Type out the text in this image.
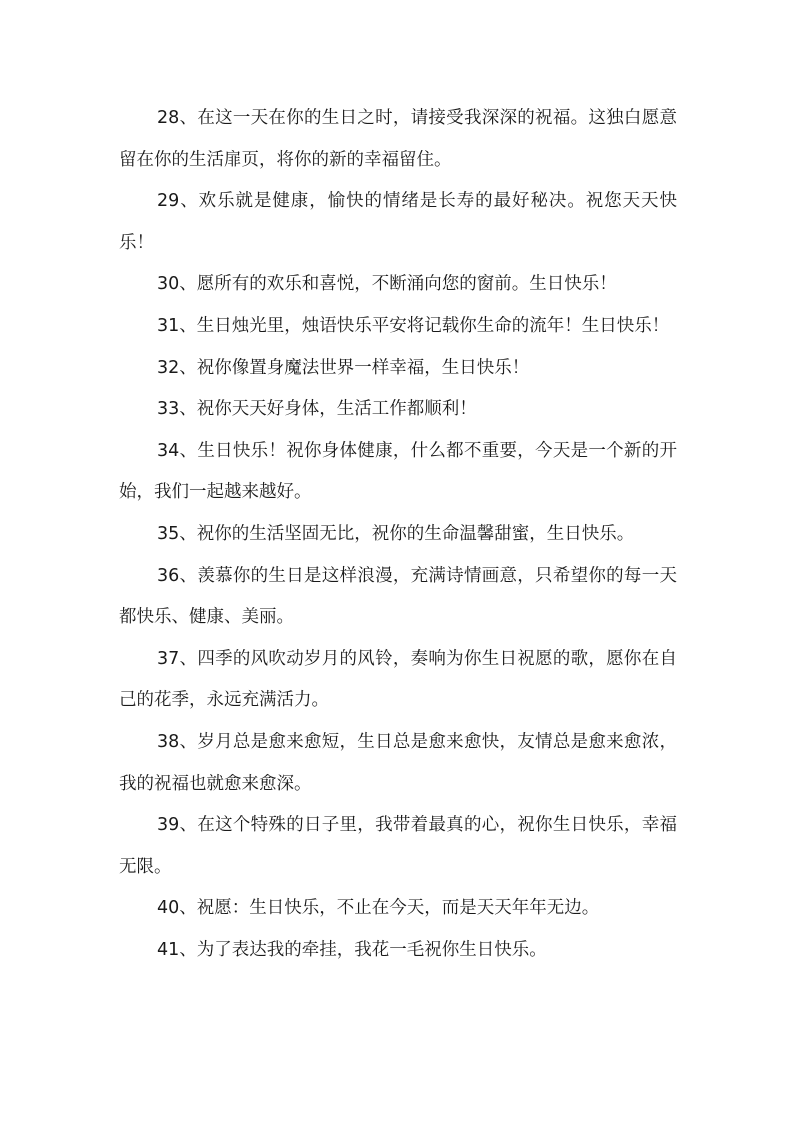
28、在这一天在你的生日之时，请接受我深深的祝福。这独白愿意留在你的生活扉页，将你的新的幸福留住。

29、欢乐就是健康，愉快的情绪是长寿的最好秘决。祝您天天快乐！

30、愿所有的欢乐和喜悦，不断涌向您的窗前。生日快乐！

31、生日烛光里，烛语快乐平安将记载你生命的流年！生日快乐！

32、祝你像置身魔法世界一样幸福，生日快乐！

33、祝你天天好身体，生活工作都顺利！

34、生日快乐！祝你身体健康，什么都不重要，今天是一个新的开始，我们一起越来越好。

35、祝你的生活坚固无比，祝你的生命温馨甜蜜，生日快乐。

36、羡慕你的生日是这样浪漫，充满诗情画意，只希望你的每一天都快乐、健康、美丽。

37、四季的风吹动岁月的风铃，奏响为你生日祝愿的歌，愿你在自己的花季，永远充满活力。

38、岁月总是愈来愈短，生日总是愈来愈快，友情总是愈来愈浓，我的祝福也就愈来愈深。

39、在这个特殊的日子里，我带着最真的心，祝你生日快乐，幸福无限。

40、祝愿：生日快乐，不止在今天，而是天天年年无边。

41、为了表达我的牵挂，我花一毛祝你生日快乐。
